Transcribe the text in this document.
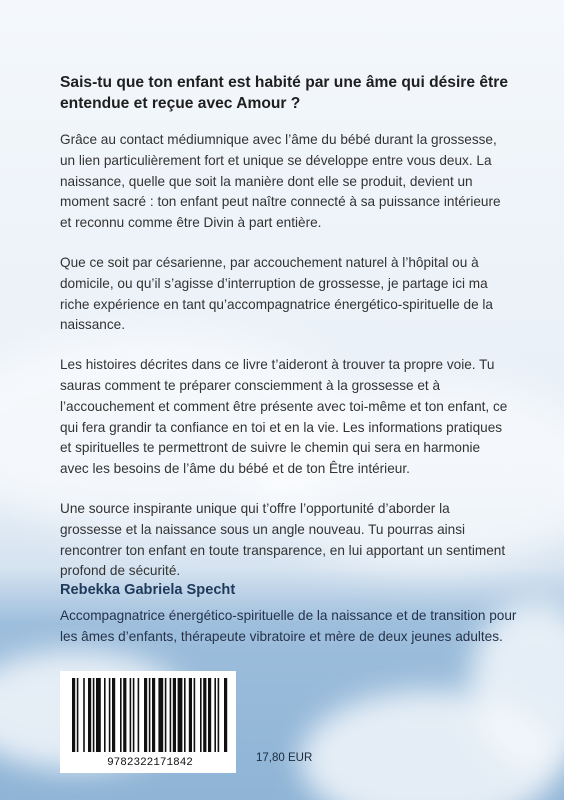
Sais-tu que ton enfant est habité par une âme qui désire être entendue et reçue avec Amour ?

Grâce au contact médiumnique avec l’âme du bébé durant la grossesse, un lien particulièrement fort et unique se développe entre vous deux. La naissance, quelle que soit la manière dont elle se produit, devient un moment sacré : ton enfant peut naître connecté à sa puissance intérieure et reconnu comme être Divin à part entière.

Que ce soit par césarienne, par accouchement naturel à l’hôpital ou à domicile, ou qu’il s’agisse d’interruption de grossesse, je partage ici ma riche expérience en tant qu’accompagnatrice énergético-spirituelle de la naissance.

Les histoires décrites dans ce livre t’aideront à trouver ta propre voie. Tu sauras comment te préparer consciemment à la grossesse et à l’accouchement et comment être présente avec toi-même et ton enfant, ce qui fera grandir ta confiance en toi et en la vie. Les informations pratiques et spirituelles te permettront de suivre le chemin qui sera en harmonie avec les besoins de l’âme du bébé et de ton Être intérieur.

Une source inspirante unique qui t’offre l’opportunité d’aborder la grossesse et la naissance sous un angle nouveau. Tu pourras ainsi rencontrer ton enfant en toute transparence, en lui apportant un sentiment profond de sécurité.

Rebekka Gabriela Specht

Accompagnatrice énergético-spirituelle de la naissance et de transition pour les âmes d’enfants, thérapeute vibratoire et mère de deux jeunes adultes.

9782322171842	17,80 EUR
